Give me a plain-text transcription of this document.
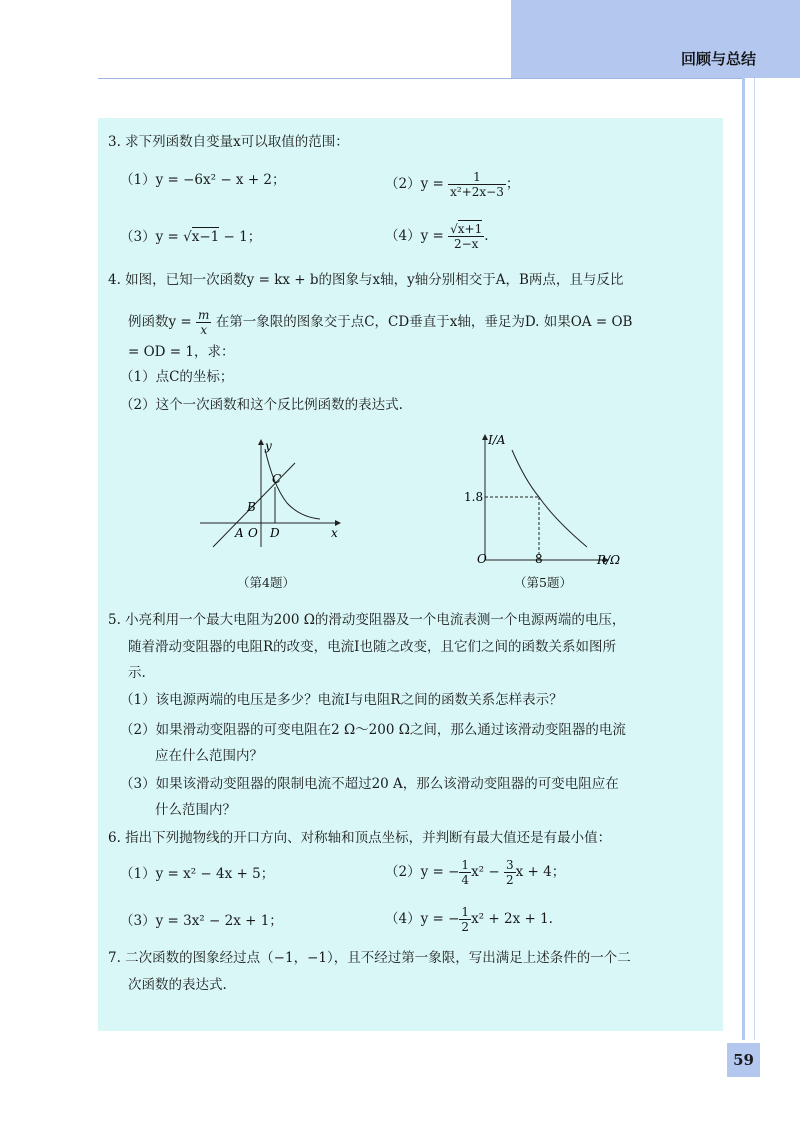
回顾与总结
3. 求下列函数自变量x可以取值的范围：
（1）y = −6x² − x + 2；	$(2)y = \frac{1}{\text{x²+2x−3}}$ ；
（3）y = √x−1 − 1；	$(4)y = \frac{√x+1}{2-x}$ .
4. 如图，已知一次函数y = kx + b的图象与x轴，y轴分别相交于A，B两点，且与反比
例函数$y = \frac{m}{x}$ 在第一象限的图象交于点C，CD垂直于x轴，垂足为D. 如果OA = OB
= OD = 1，求：
（1）点C的坐标；
（2）这个一次函数和这个反比例函数的表达式.
y
x
A O
B
C
D
（第4题）
I/A
R/Ω
O
1.8
8
（第5题）
5. 小亮利用一个最大电阻为200 Ω的滑动变阻器及一个电流表测一个电源两端的电压，
随着滑动变阻器的电阻R的改变，电流I也随之改变，且它们之间的函数关系如图所
示.
（1）该电源两端的电压是多少？电流I与电阻R之间的函数关系怎样表示？
（2）如果滑动变阻器的可变电阻在2 Ω～200 Ω之间，那么通过该滑动变阻器的电流
应在什么范围内？
（3）如果该滑动变阻器的限制电流不超过20 A，那么该滑动变阻器的可变电阻应在
什么范围内？
6. 指出下列抛物线的开口方向、对称轴和顶点坐标，并判断有最大值还是有最小值：
（1）y = x² − 4x + 5；	（2）y = − $\frac{1}{4} x^2 - \frac{3}{2}$ x + 4；
（3）y = 3x² − 2x + 1；	（4）y = − $\frac{1}{2} x^2 + 2x + 1$.
7. 二次函数的图象经过点（−1，−1），且不经过第一象限，写出满足上述条件的一个二
次函数的表达式.
59
